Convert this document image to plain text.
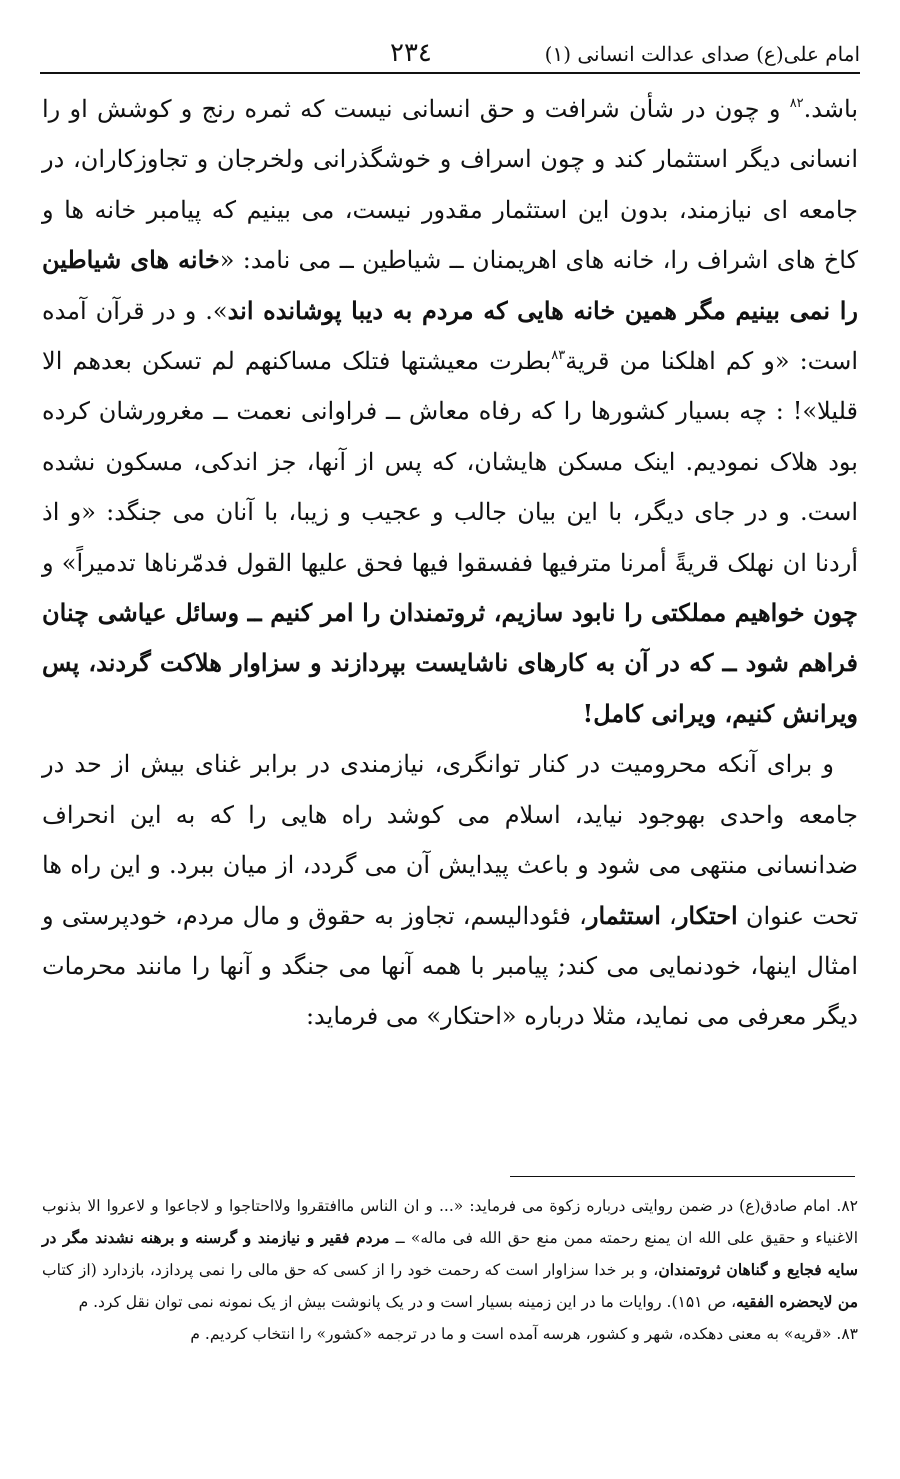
امام علی(ع) صدای عدالت انسانی (۱)
۲۳٤

باشد.$^{۸۲}$ و چون در شأن شرافت و حق انسانی نیست که ثمره رنج و کوشش او را انسانی دیگر استثمار کند و چون اسراف و خوشگذرانی ولخرجان و تجاوزکاران، در جامعه ای نیازمند، بدون این استثمار مقدور نیست، می بینیم که پیامبر خانه ها و کاخ های اشراف را، خانه های اهریمنان ــ شیاطین ــ می نامد: «خانه های شیاطین را نمی بینیم مگر همین خانه هایی که مردم به دیبا پوشانده اند». و در قرآن آمده است: «و کم اهلکنا من قریة$^{۸۳}$بطرت معیشتها فتلک مساکنهم لم تسکن بعدهم الا قلیلا»! : چه بسیار کشورها را که رفاه معاش ــ فراوانی نعمت ــ مغرورشان کرده بود هلاک نمودیم. اینک مسکن هایشان، که پس از آنها، جز اندکی، مسکون نشده است. و در جای دیگر، با این بیان جالب و عجیب و زیبا، با آنان می جنگد: «و اذ أردنا ان نهلک قریةً أمرنا مترفیها ففسقوا فیها فحق علیها القول فدمّرناها تدمیراً» و چون خواهیم مملکتی را نابود سازیم، ثروتمندان را امر کنیم ــ وسائل عیاشی چنان فراهم شود ــ که در آن به کارهای ناشایست بپردازند و سزاوار هلاکت گردند، پس ویرانش کنیم، ویرانی کامل!

و برای آنکه محرومیت در کنار توانگری، نیازمندی در برابر غنای بیش از حد در جامعه واحدی بهوجود نیاید، اسلام می کوشد راه هایی را که به این انحراف ضدانسانی منتهی می شود و باعث پیدایش آن می گردد، از میان ببرد. و این راه ها تحت عنوان احتکار، استثمار، فئودالیسم، تجاوز به حقوق و مال مردم، خودپرستی و امثال اینها، خودنمایی می کند; پیامبر با همه آنها می جنگد و آنها را مانند محرمات دیگر معرفی می نماید، مثلا درباره «احتکار» می فرماید:

۸۲. امام صادق(ع) در ضمن روایتی درباره زکوة می فرماید: «... و ان الناس ماافتقروا ولااحتاجوا و لاجاعوا و لاعروا الا بذنوب الاغنیاء و حقیق علی الله ان یمنع رحمته ممن منع حق الله فی ماله» ــ مردم فقیر و نیازمند و گرسنه و برهنه نشدند مگر در سایه فجایع و گناهان ثروتمندان، و بر خدا سزاوار است که رحمت خود را از کسی که حق مالی را نمی پردازد، بازدارد (از کتاب من لایحضره الفقیه، ص ۱۵۱). روایات ما در این زمینه بسیار است و در یک پانوشت بیش از یک نمونه نمی توان نقل کرد. م

۸۳. «قریه» به معنی دهکده، شهر و کشور، هرسه آمده است و ما در ترجمه «کشور» را انتخاب کردیم. م
